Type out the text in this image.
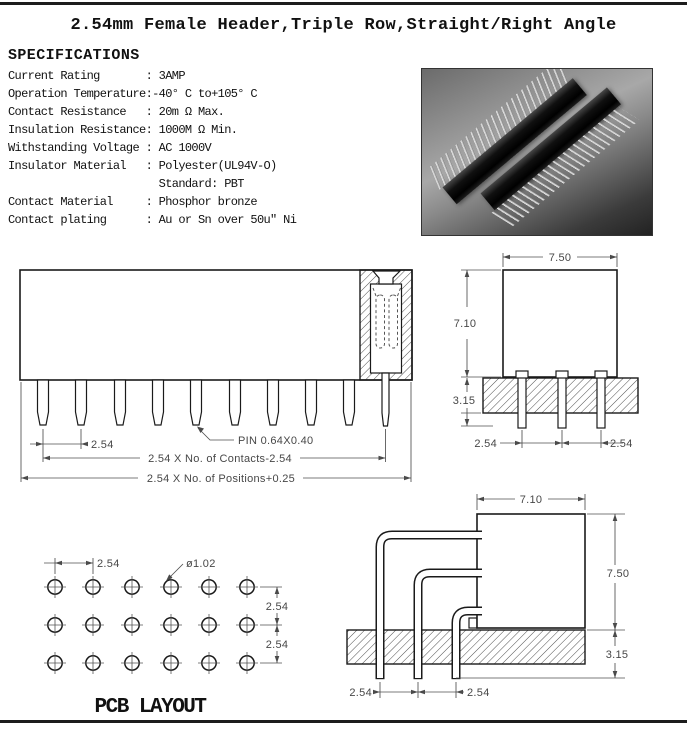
2.54mm Female Header,Triple Row,Straight/Right Angle
SPECIFICATIONS
Current Rating       : 3AMP
Operation Temperature:-40° C to+105° C
Contact Resistance   : 20m Ω Max.
Insulation Resistance: 1000M Ω Min.
Withstanding Voltage : AC 1000V
Insulator Material   : Polyester(UL94V-O)
Standard: PBT
Contact Material     : Phosphor bronze
Contact plating      : Au or Sn over 50u" Ni
2.54	PIN 0.64X0.40
2.54 X No. of Contacts-2.54
2.54 X No. of Positions+0.25
7.50
7.10
3.15
2.54	2.54
7.10
7.50
3.15
2.54	2.54
2.54	ø1.02
2.54
2.54
PCB LAYOUT
